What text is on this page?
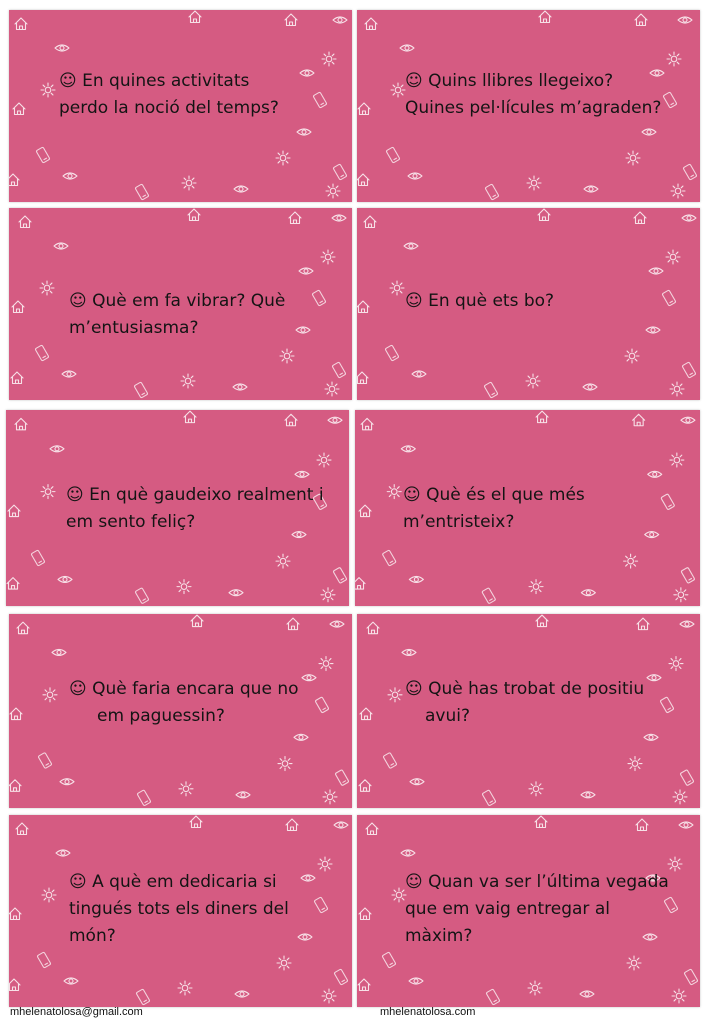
☺ En quines activitats
perdo la noció del temps?

☺ Quins llibres llegeixo?
Quines pel·lícules m’agraden?

☺ Què em fa vibrar? Què
m’entusiasma?

☺ En què ets bo?

☺ En què gaudeixo realment i
em sento feliç?

☺ Què és el que més
m’entristeix?

☺ Què faria encara que no
em paguessin?

☺ Què has trobat de positiu
avui?

☺ A què em dedicaria si
tingués tots els diners del
món?

☺ Quan va ser l’última vegada
que em vaig entregar al
màxim?

mhelenatolosa@gmail.com	mhelenatolosa.com
